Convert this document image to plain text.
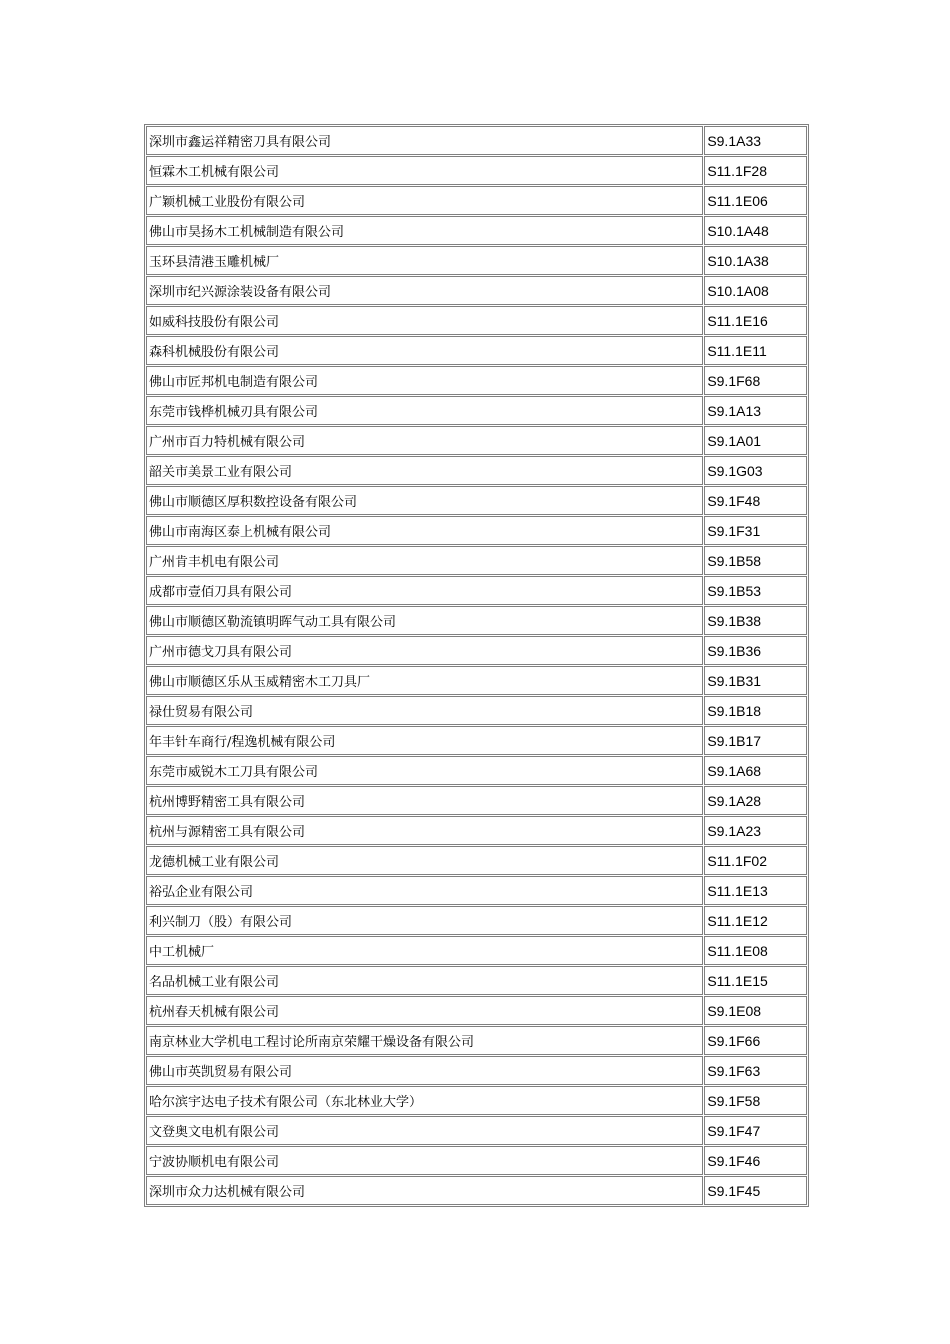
深圳市鑫运祥精密刀具有限公司	S9.1A33
恒霖木工机械有限公司	S11.1F28
广颖机械工业股份有限公司	S11.1E06
佛山市昊扬木工机械制造有限公司	S10.1A48
玉环县清港玉雕机械厂	S10.1A38
深圳市纪兴源涂装设备有限公司	S10.1A08
如威科技股份有限公司	S11.1E16
森科机械股份有限公司	S11.1E11
佛山市匠邦机电制造有限公司	S9.1F68
东莞市钱桦机械刃具有限公司	S9.1A13
广州市百力特机械有限公司	S9.1A01
韶关市美景工业有限公司	S9.1G03
佛山市顺德区厚积数控设备有限公司	S9.1F48
佛山市南海区泰上机械有限公司	S9.1F31
广州肯丰机电有限公司	S9.1B58
成都市壹佰刀具有限公司	S9.1B53
佛山市顺德区勒流镇明晖气动工具有限公司	S9.1B38
广州市德戈刀具有限公司	S9.1B36
佛山市顺德区乐从玉威精密木工刀具厂	S9.1B31
禄仕贸易有限公司	S9.1B18
年丰针车商行/程逸机械有限公司	S9.1B17
东莞市威锐木工刀具有限公司	S9.1A68
杭州博野精密工具有限公司	S9.1A28
杭州与源精密工具有限公司	S9.1A23
龙德机械工业有限公司	S11.1F02
裕弘企业有限公司	S11.1E13
利兴制刀（股）有限公司	S11.1E12
中工机械厂	S11.1E08
名品机械工业有限公司	S11.1E15
杭州春天机械有限公司	S9.1E08
南京林业大学机电工程讨论所南京荣耀干燥设备有限公司	S9.1F66
佛山市英凯贸易有限公司	S9.1F63
哈尔滨宇达电子技术有限公司（东北林业大学）	S9.1F58
文登奥文电机有限公司	S9.1F47
宁波协顺机电有限公司	S9.1F46
深圳市众力达机械有限公司	S9.1F45
